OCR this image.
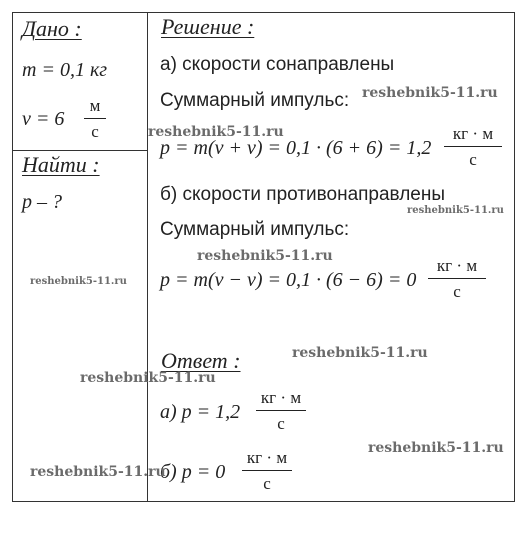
Дано :
m = 0,1 кг
v = 6
м
с
Найти :
p – ?
Решение :
а) скорости сонаправлены
Суммарный импульс:
p = m(v + v) = 0,1 · (6 + 6) = 1,2
кг · м
с
б) скорости противонаправлены
Суммарный импульс:
p = m(v − v) = 0,1 · (6 − 6) = 0
кг · м
с
Ответ :
а) p = 1,2
кг · м
с
б) p = 0
кг · м
с
reshebnik5-11.ru
reshebnik5-11.ru
reshebnik5-11.ru
reshebnik5-11.ru
reshebnik5-11.ru
reshebnik5-11.ru
reshebnik5-11.ru
reshebnik5-11.ru
reshebnik5-11.ru
